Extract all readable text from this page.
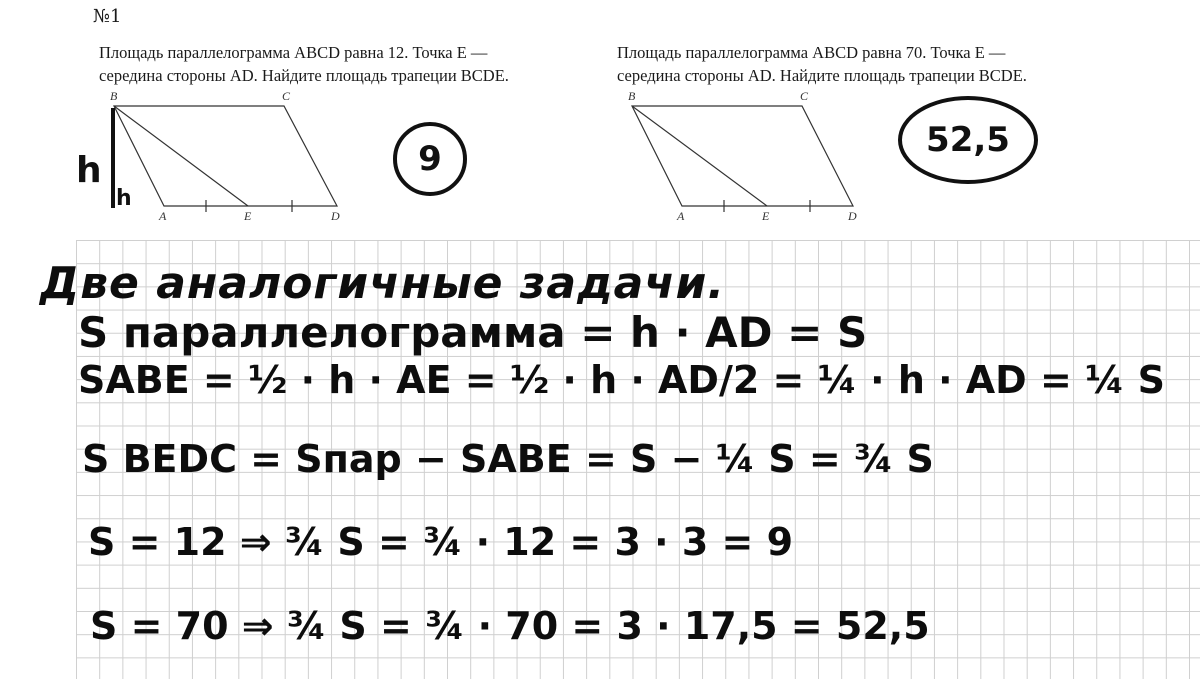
№1
Площадь параллелограмма ABCD равна 12. Точка E —
середина стороны AD. Найдите площадь трапеции BCDE.
Площадь параллелограмма ABCD равна 70. Точка E —
середина стороны AD. Найдите площадь трапеции BCDE.
B	C
A	E	D
B	C
A	E	D
h
h
9	52,5
Две аналогичные задачи.
S параллелограмма = h · AD = S
SABE = ½ · h · AE = ½ · h · AD/2 = ¼ · h · AD = ¼ S
S BEDC = Sпар − SABE = S − ¼ S = ¾ S
S = 12 ⇒ ¾ S = ¾ · 12 = 3 · 3 = 9
S = 70 ⇒ ¾ S = ¾ · 70 = 3 · 17,5 = 52,5
